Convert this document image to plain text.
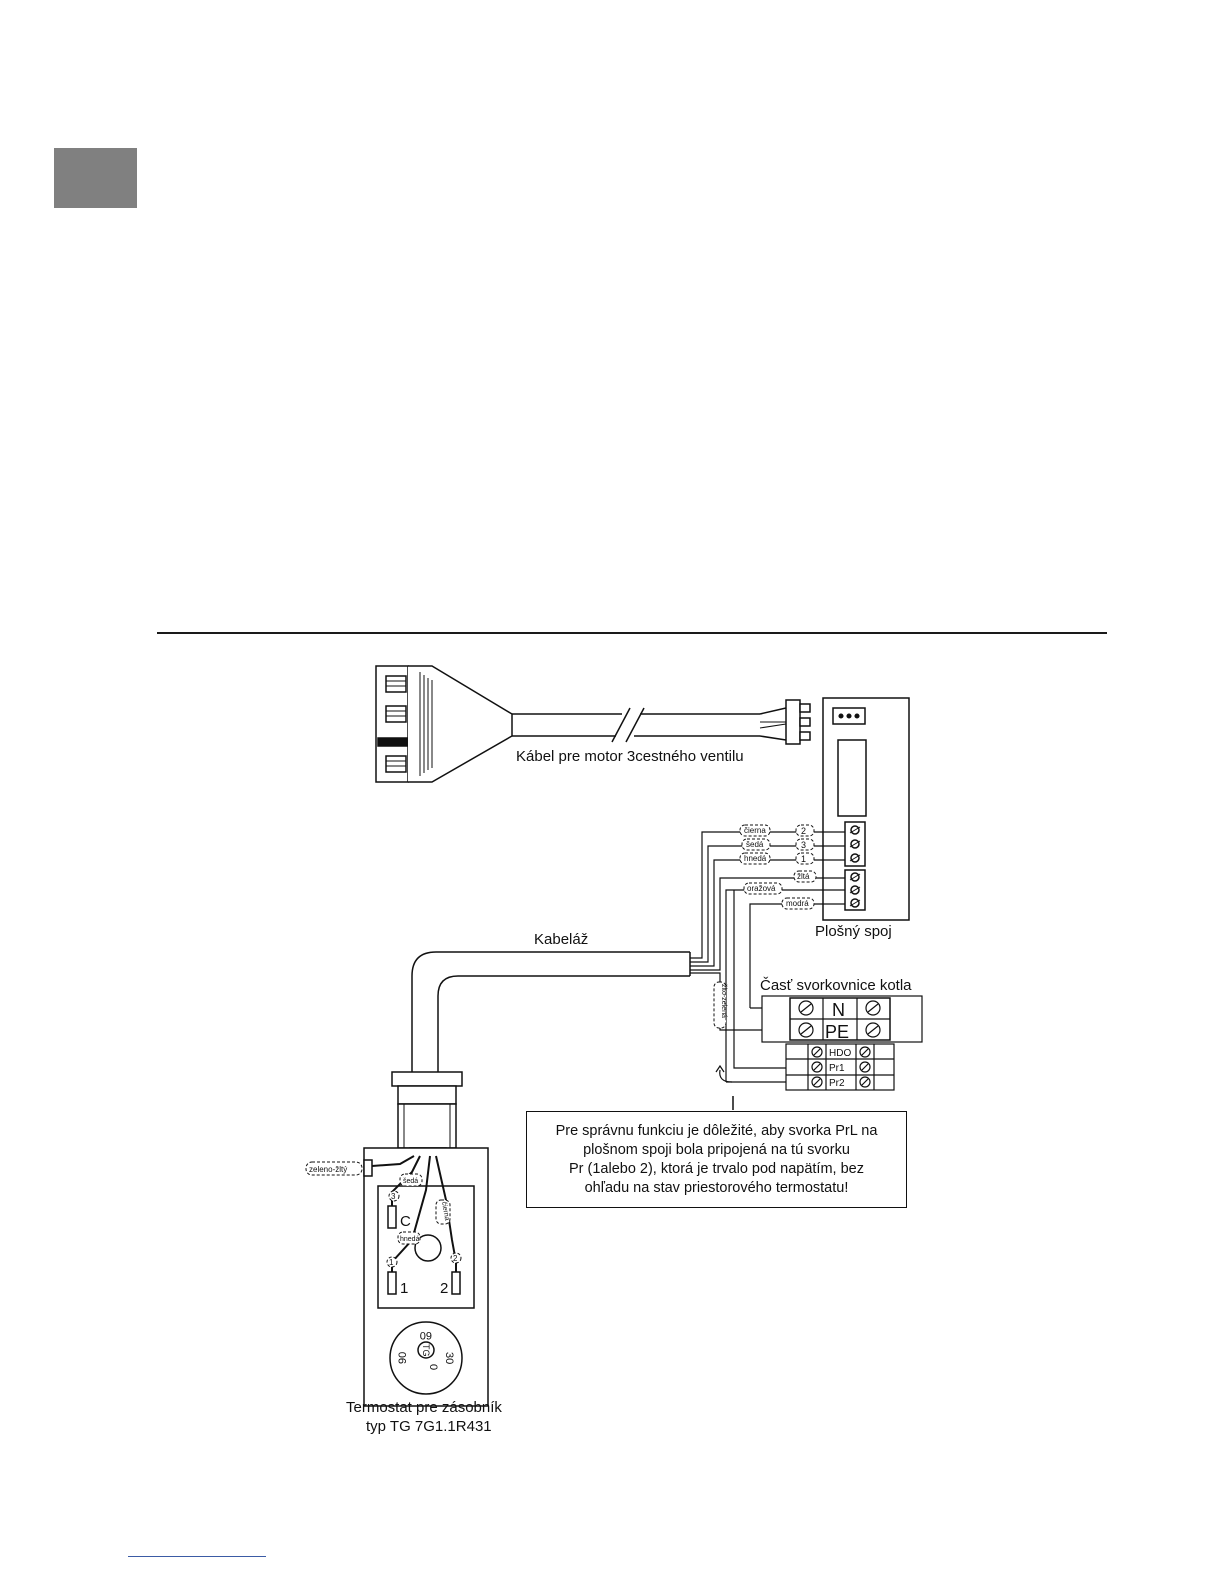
Kábel pre motor 3cestného ventilu
Plošný spoj
Kabeláž
čierna
šedá
hnedá
žltá
oražová
modrá
2
3
1
žlto-zelená Časť svorkovnice kotla
N
PE
HDO
Pr1
Pr2
zeleno-žltý
šedá
hnedá
čierna
3
1	2
C
1 2
60
30
0
90
TG
Termostat pre zásobník
typ TG 7G1.1R431
Pre správnu funkciu je dôležité, aby svorka PrL na
plošnom spoji bola pripojená na tú svorku
Pr (1alebo 2), ktorá je trvalo pod napätím, bez
ohľadu na stav priestorového termostatu!
